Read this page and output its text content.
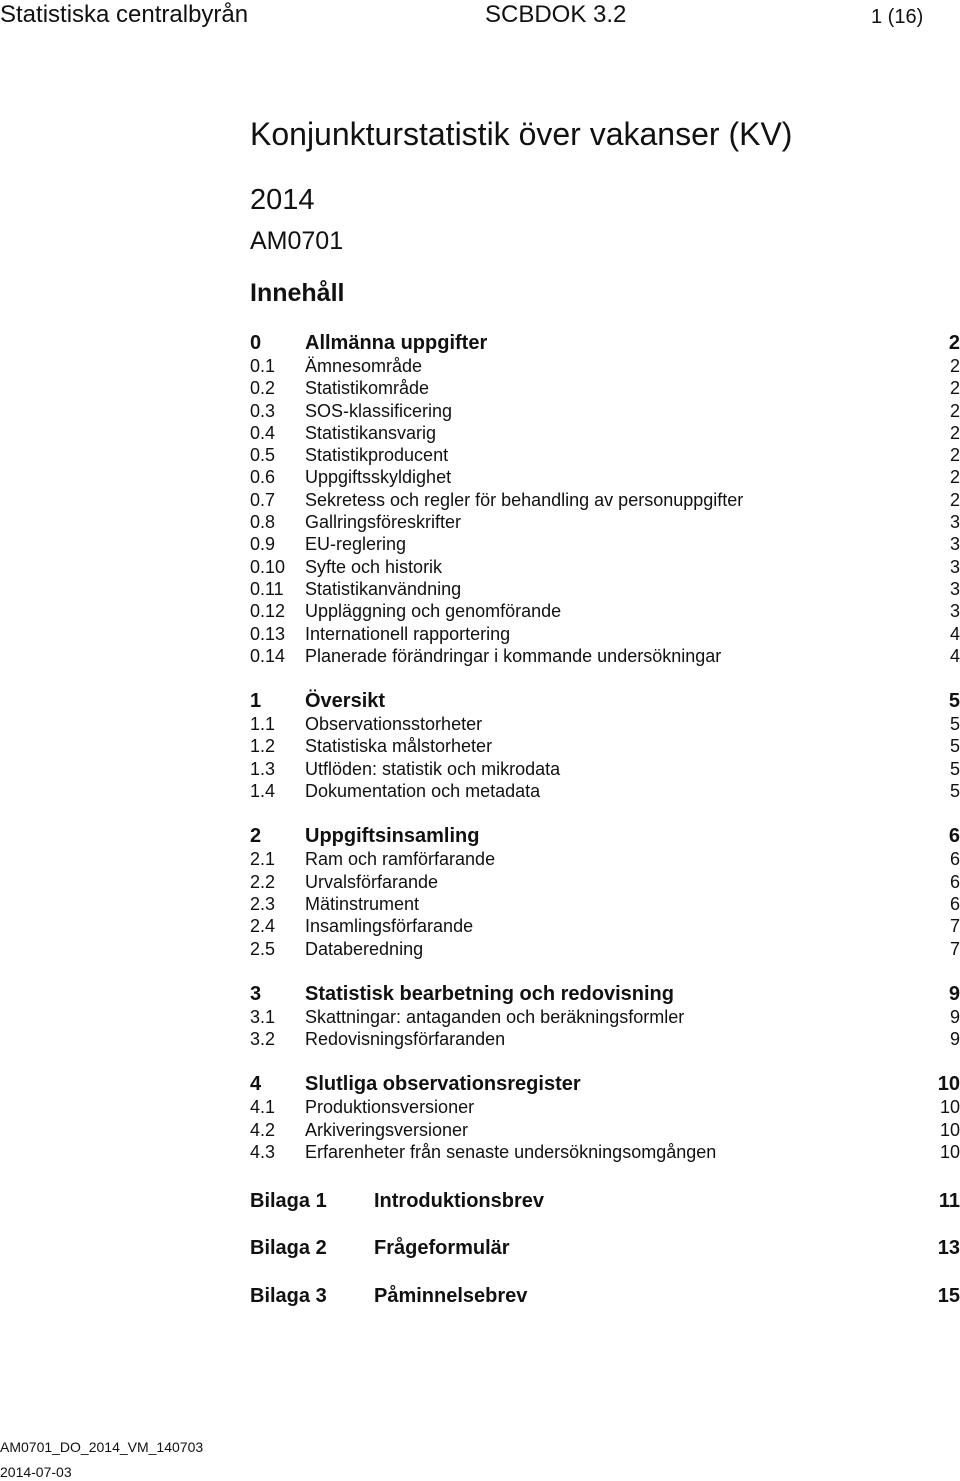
Statistiska centralbyrån	SCBDOK 3.2	1 (16)
Konjunkturstatistik över vakanser (KV)
2014
AM0701
Innehåll
0 Allmänna uppgifter	2
0.1 Ämnesområde	2
0.2 Statistikområde	2
0.3 SOS-klassificering	2
0.4 Statistikansvarig	2
0.5 Statistikproducent	2
0.6 Uppgiftsskyldighet	2
0.7 Sekretess och regler för behandling av personuppgifter	2
0.8 Gallringsföreskrifter	3
0.9 EU-reglering	3
0.10 Syfte och historik	3
0.11 Statistikanvändning	3
0.12 Uppläggning och genomförande	3
0.13 Internationell rapportering	4
0.14 Planerade förändringar i kommande undersökningar	4
1 Översikt	5
1.1 Observationsstorheter	5
1.2 Statistiska målstorheter	5
1.3 Utflöden: statistik och mikrodata	5
1.4 Dokumentation och metadata	5
2 Uppgiftsinsamling	6
2.1 Ram och ramförfarande	6
2.2 Urvalsförfarande	6
2.3 Mätinstrument	6
2.4 Insamlingsförfarande	7
2.5 Databeredning	7
3 Statistisk bearbetning och redovisning	9
3.1 Skattningar: antaganden och beräkningsformler	9
3.2 Redovisningsförfaranden	9
4 Slutliga observationsregister	10
4.1 Produktionsversioner	10
4.2 Arkiveringsversioner	10
4.3 Erfarenheter från senaste undersökningsomgången	10
Bilaga 1 Introduktionsbrev	11
Bilaga 2 Frågeformulär	13
Bilaga 3 Påminnelsebrev	15
AM0701_DO_2014_VM_140703
2014-07-03
